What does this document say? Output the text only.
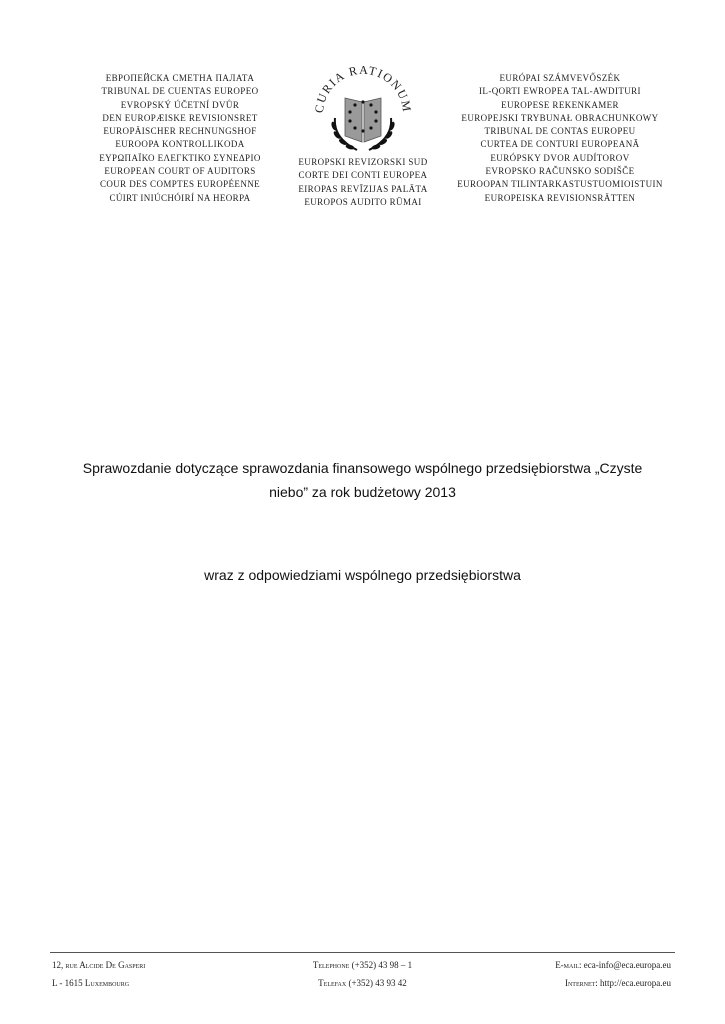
ЕВРОПЕЙСКА СМЕТНА ПАЛАТА
TRIBUNAL DE CUENTAS EUROPEO
EVROPSKÝ ÚČETNÍ DVŮR
DEN EUROPÆISKE REVISIONSRET
EUROPÄISCHER RECHNUNGSHOF
EUROOPA KONTROLLIKODA
ΕΥΡΩΠΑΪΚΟ ΕΛΕΓΚΤΙΚΟ ΣΥΝΕΔΡΙΟ
EUROPEAN COURT OF AUDITORS
COUR DES COMPTES EUROPÉENNE
CÚIRT INIÚCHÓIRÍ NA HEORPA
CURIA RATIONUM
EUROPSKI REVIZORSKI SUD
CORTE DEI CONTI EUROPEA
EIROPAS REVĪZIJAS PALĀTA
EUROPOS AUDITO RŪMAI
EURÓPAI SZÁMVEVŐSZÉK
IL-QORTI EWROPEA TAL-AWDITURI
EUROPESE REKENKAMER
EUROPEJSKI TRYBUNAŁ OBRACHUNKOWY
TRIBUNAL DE CONTAS EUROPEU
CURTEA DE CONTURI EUROPEANĂ
EURÓPSKY DVOR AUDÍTOROV
EVROPSKO RAČUNSKO SODIŠČE
EUROOPAN TILINTARKASTUSTUOMIOISTUIN
EUROPEISKA REVISIONSRÄTTEN
Sprawozdanie dotyczące sprawozdania finansowego wspólnego przedsiębiorstwa „Czyste
niebo” za rok budżetowy 2013
wraz z odpowiedziami wspólnego przedsiębiorstwa
12, rue Alcide De Gasperi
L - 1615 Luxembourg
Telephone (+352) 43 98 – 1
Telefax (+352) 43 93 42
E-mail: eca-info@eca.europa.eu
Internet: http://eca.europa.eu
